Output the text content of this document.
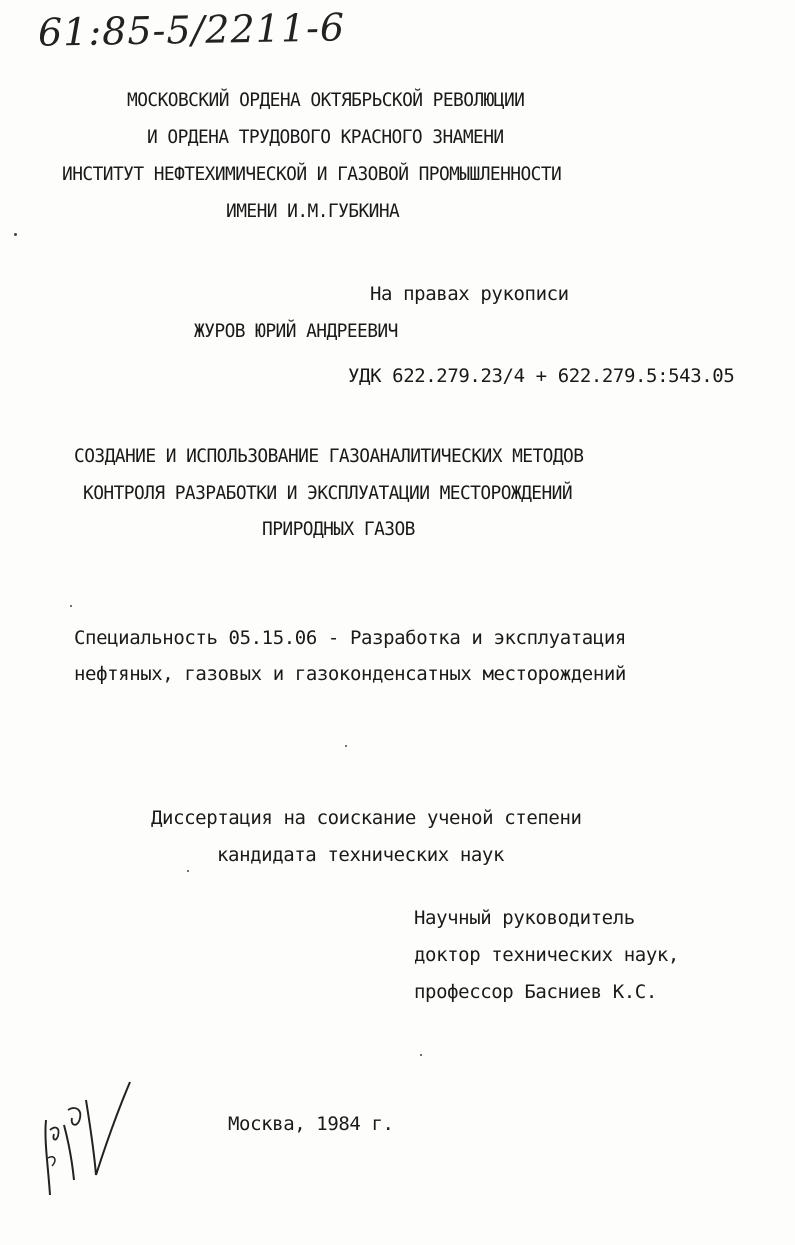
61:85-5/2211-6
МОСКОВСКИЙ ОРДЕНА ОКТЯБРЬСКОЙ РЕВОЛЮЦИИ
И ОРДЕНА ТРУДОВОГО КРАСНОГО ЗНАМЕНИ
ИНСТИТУТ НЕФТЕХИМИЧЕСКОЙ И ГАЗОВОЙ ПРОМЫШЛЕННОСТИ
ИМЕНИ И.М.ГУБКИНА
На правах рукописи
ЖУРОВ ЮРИЙ АНДРЕЕВИЧ
УДК 622.279.23/4 + 622.279.5:543.05
СОЗДАНИЕ И ИСПОЛЬЗОВАНИЕ ГАЗОАНАЛИТИЧЕСКИХ МЕТОДОВ
КОНТРОЛЯ РАЗРАБОТКИ И ЭКСПЛУАТАЦИИ МЕСТОРОЖДЕНИЙ
ПРИРОДНЫХ ГАЗОВ
Специальность 05.15.06 - Разработка и эксплуатация
нефтяных, газовых и газоконденсатных месторождений
Диссертация на соискание ученой степени
кандидата технических наук
Научный руководитель
доктор технических наук,
профессор Басниев К.С.
Москва, 1984 г.
